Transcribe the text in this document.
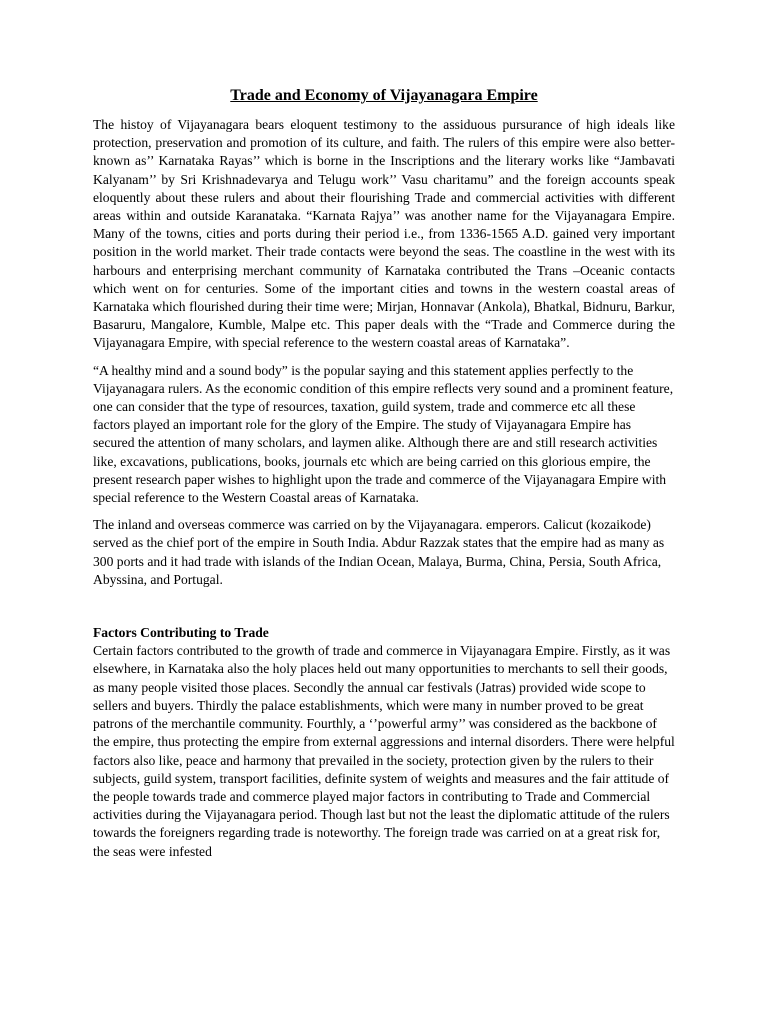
Trade and Economy of Vijayanagara Empire

The histoy of Vijayanagara bears eloquent testimony to the assiduous pursurance of high ideals like protection, preservation and promotion of its culture, and faith. The rulers of this empire were also better-known as’’ Karnataka Rayas’’ which is borne in the Inscriptions and the literary works like “Jambavati Kalyanam’’ by Sri Krishnadevarya and Telugu work’’ Vasu charitamu” and the foreign accounts speak eloquently about these rulers and about their flourishing Trade and commercial activities with different areas within and outside Karanataka. “Karnata Rajya’’ was another name for the Vijayanagara Empire. Many of the towns, cities and ports during their period i.e., from 1336-1565 A.D. gained very important position in the world market. Their trade contacts were beyond the seas. The coastline in the west with its harbours and enterprising merchant community of Karnataka contributed the Trans –Oceanic contacts which went on for centuries. Some of the important cities and towns in the western coastal areas of Karnataka which flourished during their time were; Mirjan, Honnavar (Ankola), Bhatkal, Bidnuru, Barkur, Basaruru, Mangalore, Kumble, Malpe etc. This paper deals with the “Trade and Commerce during the Vijayanagara Empire, with special reference to the western coastal areas of Karnataka”.

“A healthy mind and a sound body” is the popular saying and this statement applies perfectly to the Vijayanagara rulers. As the economic condition of this empire reflects very sound and a prominent feature, one can consider that the type of resources, taxation, guild system, trade and commerce etc all these factors played an important role for the glory of the Empire. The study of Vijayanagara Empire has secured the attention of many scholars, and laymen alike. Although there are and still research activities like, excavations, publications, books, journals etc which are being carried on this glorious empire, the present research paper wishes to highlight upon the trade and commerce of the Vijayanagara Empire with special reference to the Western Coastal areas of Karnataka.

The inland and overseas commerce was carried on by the Vijayanagara. emperors. Calicut (kozaikode) served as the chief port of the empire in South India. Abdur Razzak states that the empire had as many as 300 ports and it had trade with islands of the Indian Ocean, Malaya, Burma, China, Persia, South Africa, Abyssina, and Portugal.

Factors Contributing to Trade

Certain factors contributed to the growth of trade and commerce in Vijayanagara Empire. Firstly, as it was elsewhere, in Karnataka also the holy places held out many opportunities to merchants to sell their goods, as many people visited those places. Secondly the annual car festivals (Jatras) provided wide scope to sellers and buyers. Thirdly the palace establishments, which were many in number proved to be great patrons of the merchantile community. Fourthly, a ‘’powerful army’’ was considered as the backbone of the empire, thus protecting the empire from external aggressions and internal disorders. There were helpful factors also like, peace and harmony that prevailed in the society, protection given by the rulers to their subjects, guild system, transport facilities, definite system of weights and measures and the fair attitude of the people towards trade and commerce played major factors in contributing to Trade and Commercial activities during the Vijayanagara period. Though last but not the least the diplomatic attitude of the rulers towards the foreigners regarding trade is noteworthy. The foreign trade was carried on at a great risk for, the seas were infested
